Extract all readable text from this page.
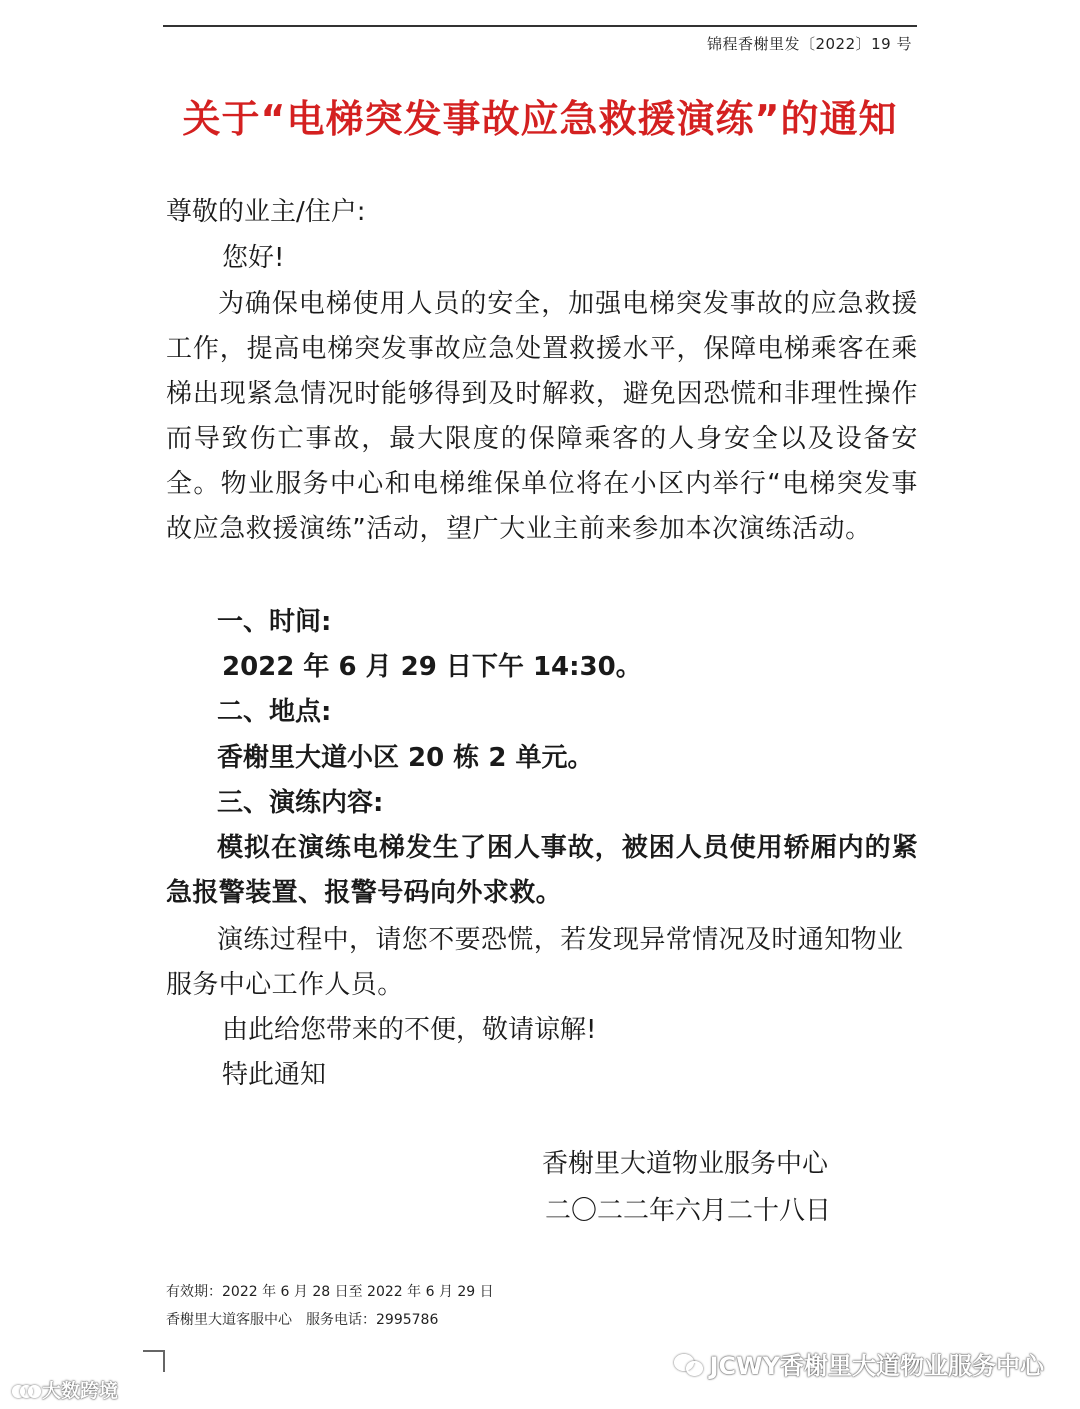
锦程香榭里发〔2022〕19 号
关于“电梯突发事故应急救援演练”的通知

尊敬的业主/住户:

您好!

为确保电梯使用人员的安全，加强电梯突发事故的应急救援工作，提高电梯突发事故应急处置救援水平，保障电梯乘客在乘梯出现紧急情况时能够得到及时解救，避免因恐慌和非理性操作而导致伤亡事故，最大限度的保障乘客的人身安全以及设备安全。物业服务中心和电梯维保单位将在小区内举行“电梯突发事故应急救援演练”活动，望广大业主前来参加本次演练活动。

一、时间:

2022 年 6 月 29 日下午 14:30。

二、地点:

香榭里大道小区 20 栋 2 单元。

三、演练内容:

模拟在演练电梯发生了困人事故，被困人员使用轿厢内的紧急报警装置、报警号码向外求救。

演练过程中，请您不要恐慌，若发现异常情况及时通知物业服务中心工作人员。

由此给您带来的不便，敬请谅解!

特此通知

香榭里大道物业服务中心

二〇二二年六月二十八日

有效期：2022 年 6 月 28 日至 2022 年 6 月 29 日
香榭里大道客服中心　服务电话：2995786
大数跨境
JCWY香榭里大道物业服务中心
